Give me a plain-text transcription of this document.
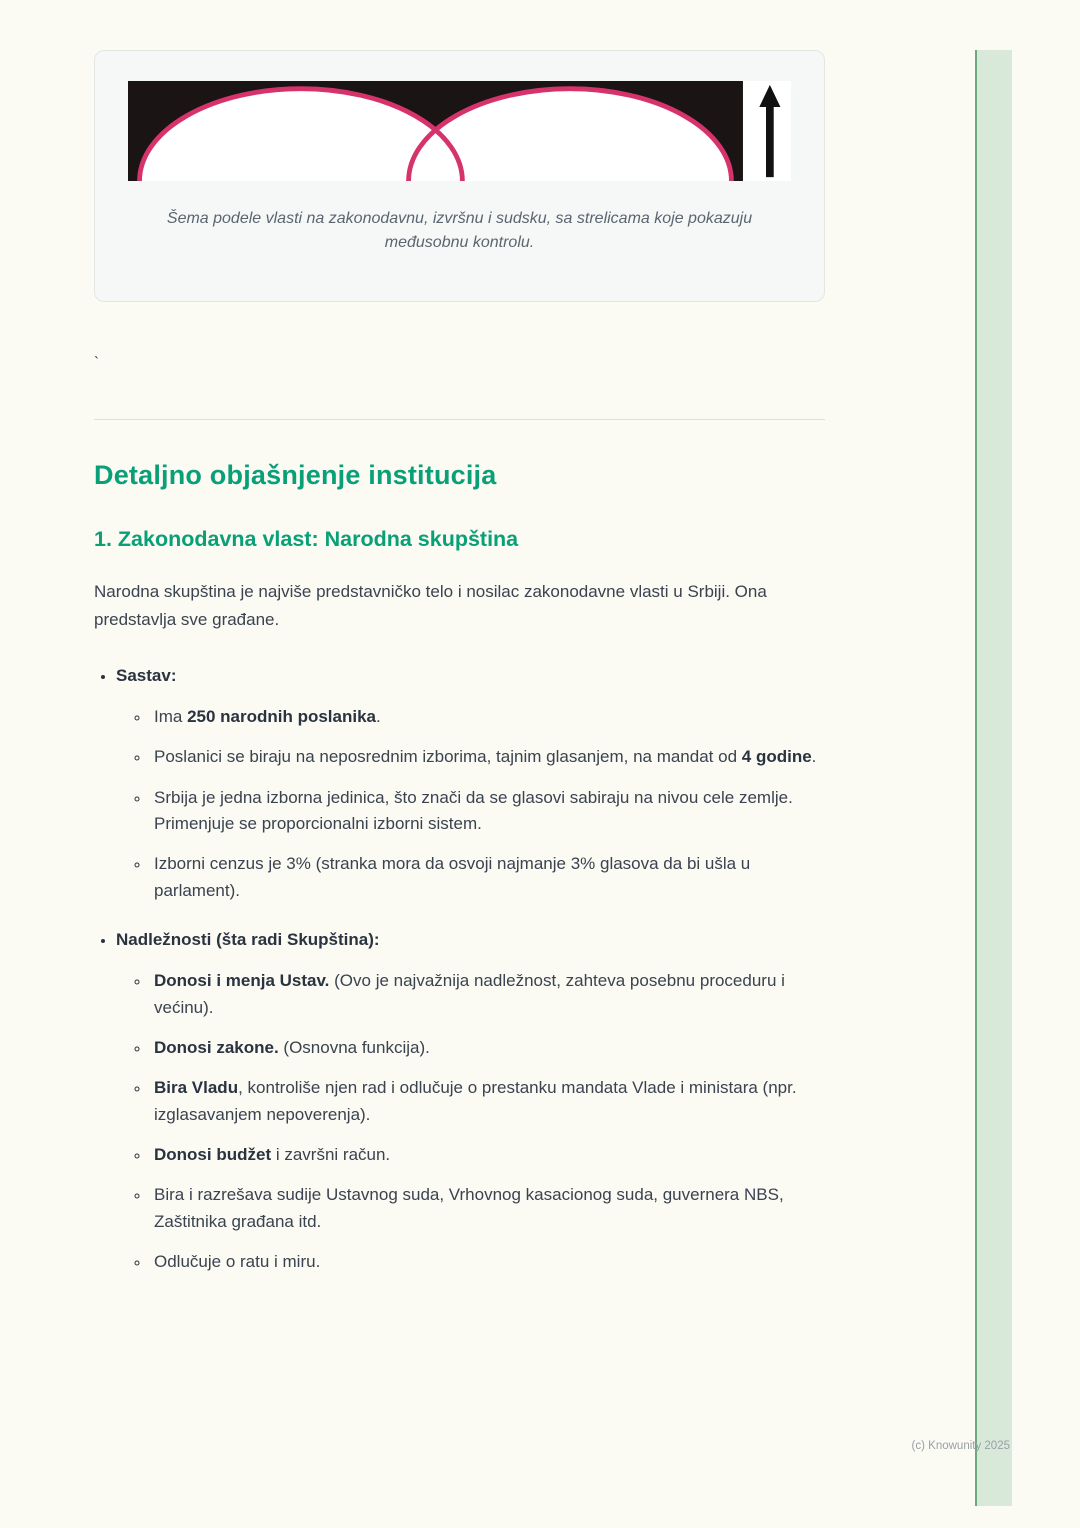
Šema podele vlasti na zakonodavnu, izvršnu i sudsku, sa strelicama koje pokazuju međusobnu kontrolu.

`

Detaljno objašnjenje institucija
1. Zakonodavna vlast: Narodna skupština

Narodna skupština je najviše predstavničko telo i nosilac zakonodavne vlasti u Srbiji. Ona predstavlja sve građane.

• Sastav:
◦ Ima 250 narodnih poslanika.
◦ Poslanici se biraju na neposrednim izborima, tajnim glasanjem, na mandat od 4 godine.
◦ Srbija je jedna izborna jedinica, što znači da se glasovi sabiraju na nivou cele zemlje. Primenjuje se proporcionalni izborni sistem.
◦ Izborni cenzus je 3% (stranka mora da osvoji najmanje 3% glasova da bi ušla u parlament).
• Nadležnosti (šta radi Skupština):
◦ Donosi i menja Ustav. (Ovo je najvažnija nadležnost, zahteva posebnu proceduru i većinu).
◦ Donosi zakone. (Osnovna funkcija).
◦ Bira Vladu, kontroliše njen rad i odlučuje o prestanku mandata Vlade i ministara (npr. izglasavanjem nepoverenja).
◦ Donosi budžet i završni račun.
◦ Bira i razrešava sudije Ustavnog suda, Vrhovnog kasacionog suda, guvernera NBS, Zaštitnika građana itd.
◦ Odlučuje o ratu i miru.
(c) Knowunity 2025
